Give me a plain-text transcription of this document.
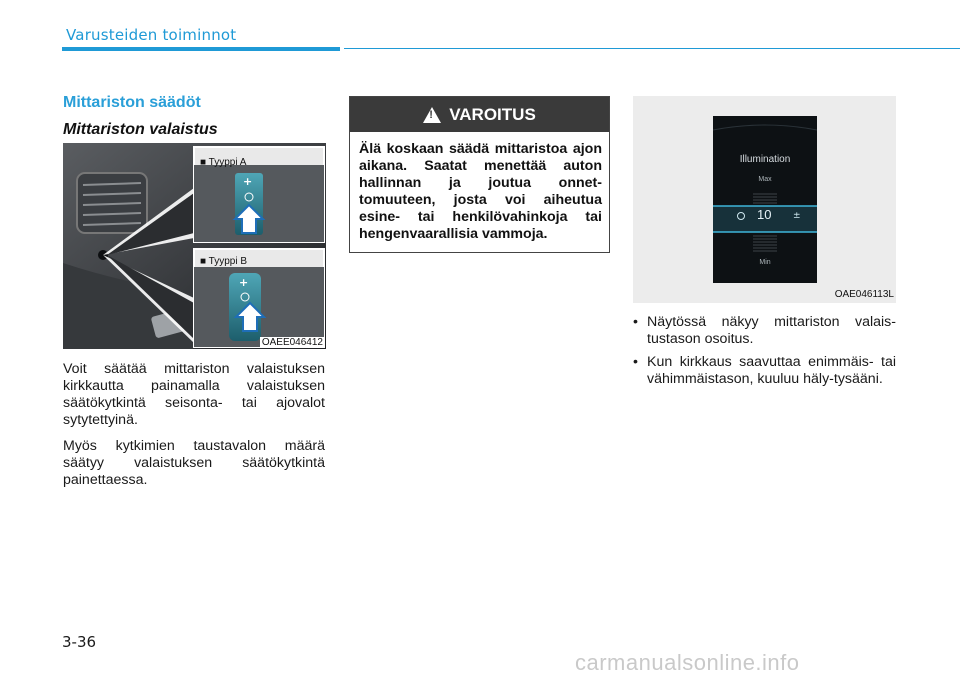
Varusteiden toiminnot
Mittariston säädöt
Mittariston valaistus
+
+
■ Tyyppi A
■ Tyyppi B
OAEE046412

Voit säätää mittariston valaistuksen kirkkautta painamalla valaistuksen säätökytkintä seisonta- tai ajovalot sytytettyinä.

Myös kytkimien taustavalon määrä säätyy valaistuksen säätökytkintä painettaessa.

!
VAROITUS
Älä koskaan säädä mittaristoa ajon aikana. Saatat menettää auton hallinnan ja joutua onnet-tomuuteen, josta voi aiheutua esine- tai henkilövahinkoja tai hengenvaarallisia vammoja.
±
Illumination
Max
10
Min
OAE046113L
• Näytössä näkyy mittariston valais-tustason osoitus.
• Kun kirkkaus saavuttaa enimmäis- tai vähimmäistason, kuuluu häly-tysääni.
3-36
carmanualsonline.info
